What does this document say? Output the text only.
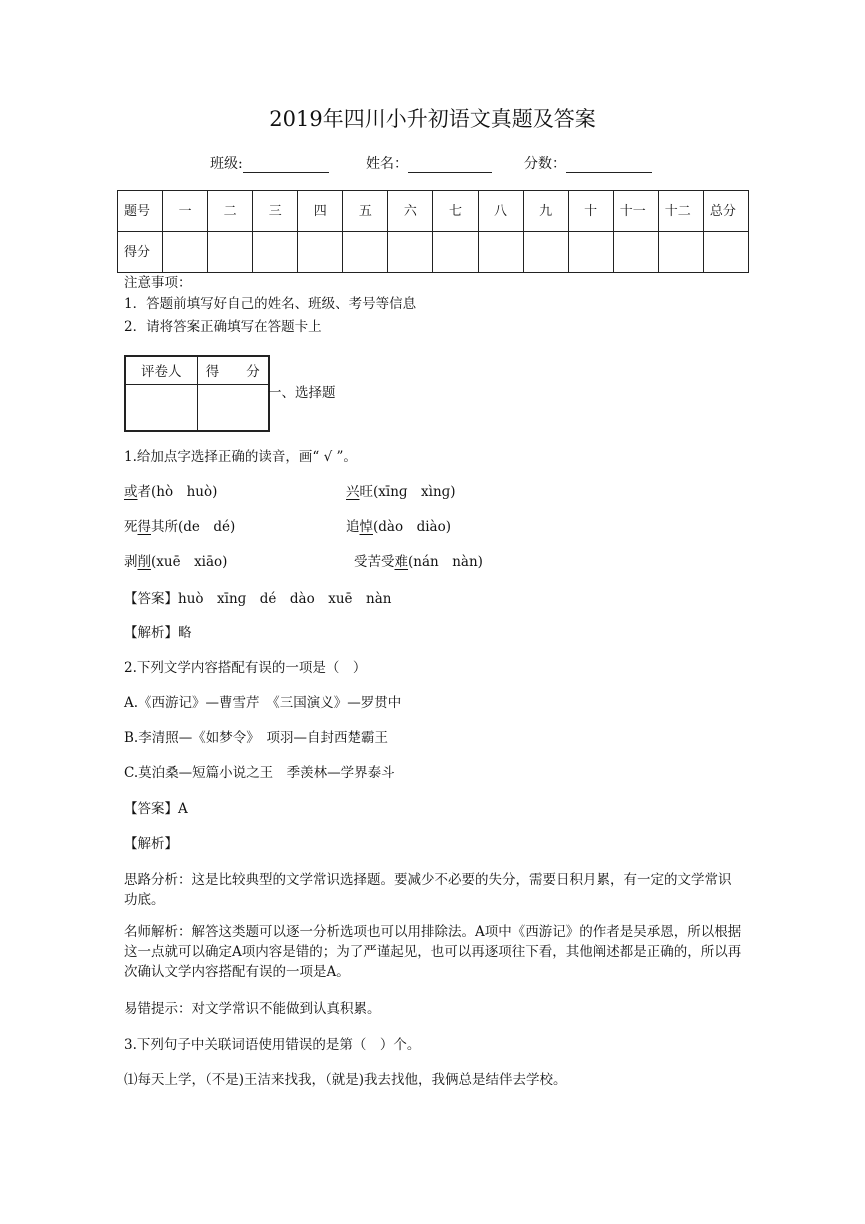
2019年四川小升初语文真题及答案
班级:	姓名：	分数：
题号	一	二	三	四	五	六	七	八	九	十	十一	十二	总分
得分													
注意事项：
1．答题前填写好自己的姓名、班级、考号等信息
2．请将答案正确填写在答题卡上
评卷人	得　　分

一、选择题
1.给加点字选择正确的读音，画“ √ ”。
或者(hò　huò)	兴旺(xīnɡ　xìnɡ)
死得其所(de　dé)	追悼(dào　diào)
剥削(xuē　xiāo)	受苦受难(nán　nàn)
【答案】huò　xīnɡ　dé　dào　xuē　nàn
【解析】略
2.下列文学内容搭配有误的一项是（　）
A.《西游记》—曹雪芹　《三国演义》—罗贯中
B.李清照—《如梦令》　项羽—自封西楚霸王
C.莫泊桑—短篇小说之王　季羡林—学界泰斗
【答案】A
【解析】
思路分析：这是比较典型的文学常识选择题。要减少不必要的失分，需要日积月累，有一定的文学常识功底。
名师解析：解答这类题可以逐一分析选项也可以用排除法。A项中《西游记》的作者是吴承恩，所以根据这一点就可以确定A项内容是错的；为了严谨起见，也可以再逐项往下看，其他阐述都是正确的，所以再次确认文学内容搭配有误的一项是A。
易错提示：对文学常识不能做到认真积累。
3.下列句子中关联词语使用错误的是第（　）个。
⑴每天上学，（不是)王洁来找我，（就是)我去找他，我俩总是结伴去学校。
